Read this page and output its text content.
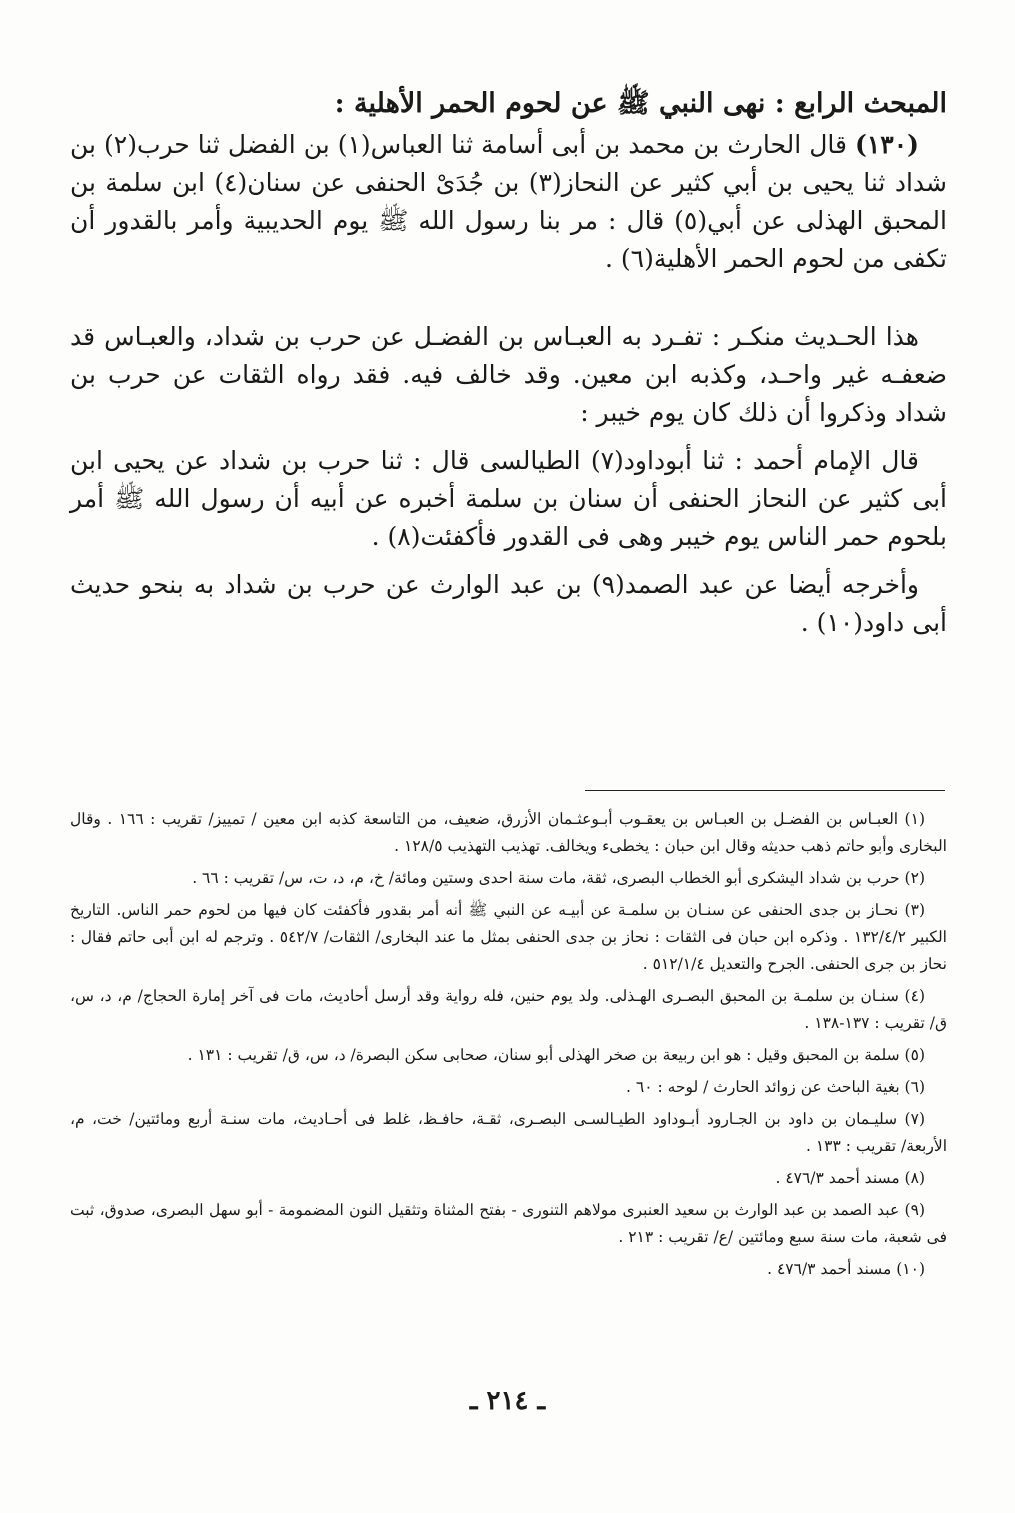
المبحث الرابع : نهى النبي ﷺ عن لحوم الحمر الأهلية :

(١٣٠) قال الحارث بن محمد بن أبى أسامة ثنا العباس(١) بن الفضل ثنا حرب(٢) بن شداد ثنا يحيى بن أبي كثير عن النحاز(٣) بن جُدَىْ الحنفى عن سنان(٤) ابن سلمة بن المحبق الهذلى عن أبي(٥) قال : مر بنا رسول الله ﷺ يوم الحديبية وأمر بالقدور أن تكفى من لحوم الحمر الأهلية(٦) .

هذا الحـديث منكـر : تفـرد به العبـاس بن الفضـل عن حرب بن شداد، والعبـاس قد ضعفـه غير واحـد، وكذبه ابن معين. وقد خالف فيه. فقد رواه الثقات عن حرب بن شداد وذكروا أن ذلك كان يوم خيبر :

قال الإمام أحمد : ثنا أبوداود(٧) الطيالسى قال : ثنا حرب بن شداد عن يحيى ابن أبى كثير عن النحاز الحنفى أن سنان بن سلمة أخبره عن أبيه أن رسول الله ﷺ أمر بلحوم حمر الناس يوم خيبر وهى فى القدور فأكفئت(٨) .

وأخرجه أيضا عن عبد الصمد(٩) بن عبد الوارث عن حرب بن شداد به بنحو حديث أبى داود(١٠) .

(١) العبـاس بن الفضـل بن العبـاس بن يعقـوب أبـوعثـمان الأزرق، ضعيف، من التاسعة كذبه ابن معين / تمييز/ تقريب : ١٦٦ . وقال البخارى وأبو حاتم ذهب حديثه وقال ابن حبان : يخطىء ويخالف. تهذيب التهذيب ١٢٨/٥ .

(٢) حرب بن شداد اليشكرى أبو الخطاب البصرى، ثقة، مات سنة احدى وستين ومائة/ خ، م، د، ت، س/ تقريب : ٦٦ .

(٣) نحـاز بن جدى الحنفى عن سنـان بن سلمـة عن أبيـه عن النبي ﷺ أنه أمر بقدور فأكفئت كان فيها من لحوم حمر الناس. التاريخ الكبير ١٣٢/٤/٢ . وذكره ابن حبان فى الثقات : نحاز بن جدى الحنفى بمثل ما عند البخارى/ الثقات/ ٥٤٢/٧ . وترجم له ابن أبى حاتم فقال : نحاز بن جرى الحنفى. الجرح والتعديل ٥١٢/١/٤ .

(٤) سنـان بن سلمـة بن المحبق البصـرى الهـذلى. ولد يوم حنين، فله رواية وقد أرسل أحاديث، مات فى آخر إمارة الحجاج/ م، د، س، ق/ تقريب : ١٣٧-١٣٨ .

(٥) سلمة بن المحبق وقيل : هو ابن ربيعة بن صخر الهذلى أبو سنان، صحابى سكن البصرة/ د، س، ق/ تقريب : ١٣١ .

(٦) بغية الباحث عن زوائد الحارث / لوحه : ٦٠ .

(٧) سليـمان بن داود بن الجـارود أبـوداود الطيـالسـى البصـرى، ثقـة، حافـظ، غلط فى أحـاديث، مات سنـة أربع ومائتين/ خت، م، الأربعة/ تقريب : ١٣٣ .

(٨) مسند أحمد ٤٧٦/٣ .

(٩) عبد الصمد بن عبد الوارث بن سعيد العنبرى مولاهم التنورى - بفتح المثناة وتثقيل النون المضمومة - أبو سهل البصرى، صدوق، ثبت فى شعبة، مات سنة سبع ومائتين /ع/ تقريب : ٢١٣ .

(١٠) مسند أحمد ٤٧٦/٣ .

ـ ٢١٤ ـ
